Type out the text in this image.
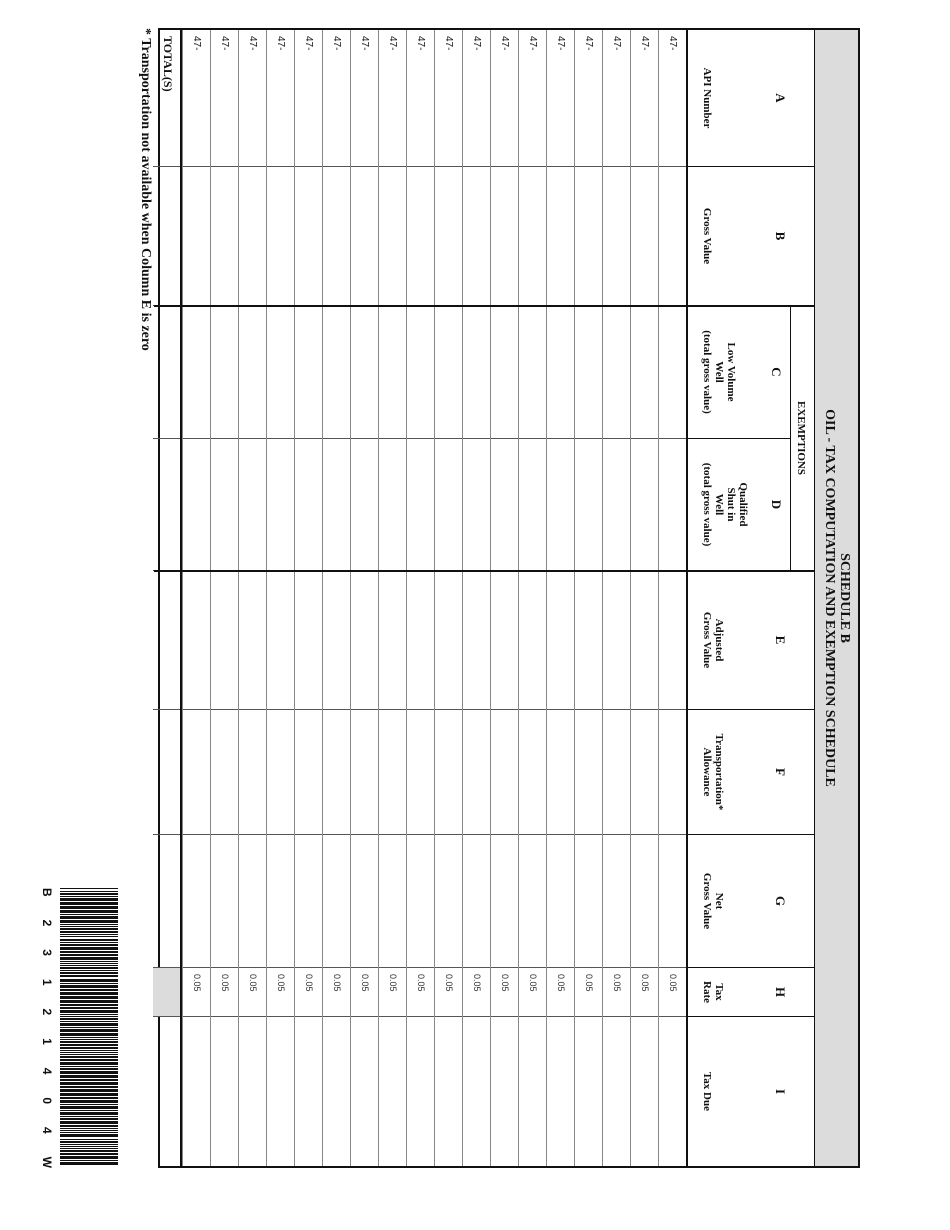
SCHEDULE B
OIL - TAX COMPUTATION AND EXEMPTION SCHEDULE
A
API Number
B
Gross Value
C
Low Volume
Well
(total gross value)
D
Qualified
Shut in
Well
(total gross value)
E
Adjusted
Gross Value
F
Transportation*
Allowance
G
Net
Gross Value
H
Tax
Rate
I
Tax Due
EXEMPTIONS
47-
0.05
47-
0.05
47-
0.05
47-
0.05
47-
0.05
47-
0.05
47-
0.05
47-
0.05
47-
0.05
47-
0.05
47-
0.05
47-
0.05
47-
0.05
47-
0.05
47-
0.05
47-
0.05
47-
0.05
47-
0.05
TOTAL(S)
* Transportation not available when Column E is zero
B
2
3
1
2
1
4
0
4
W
